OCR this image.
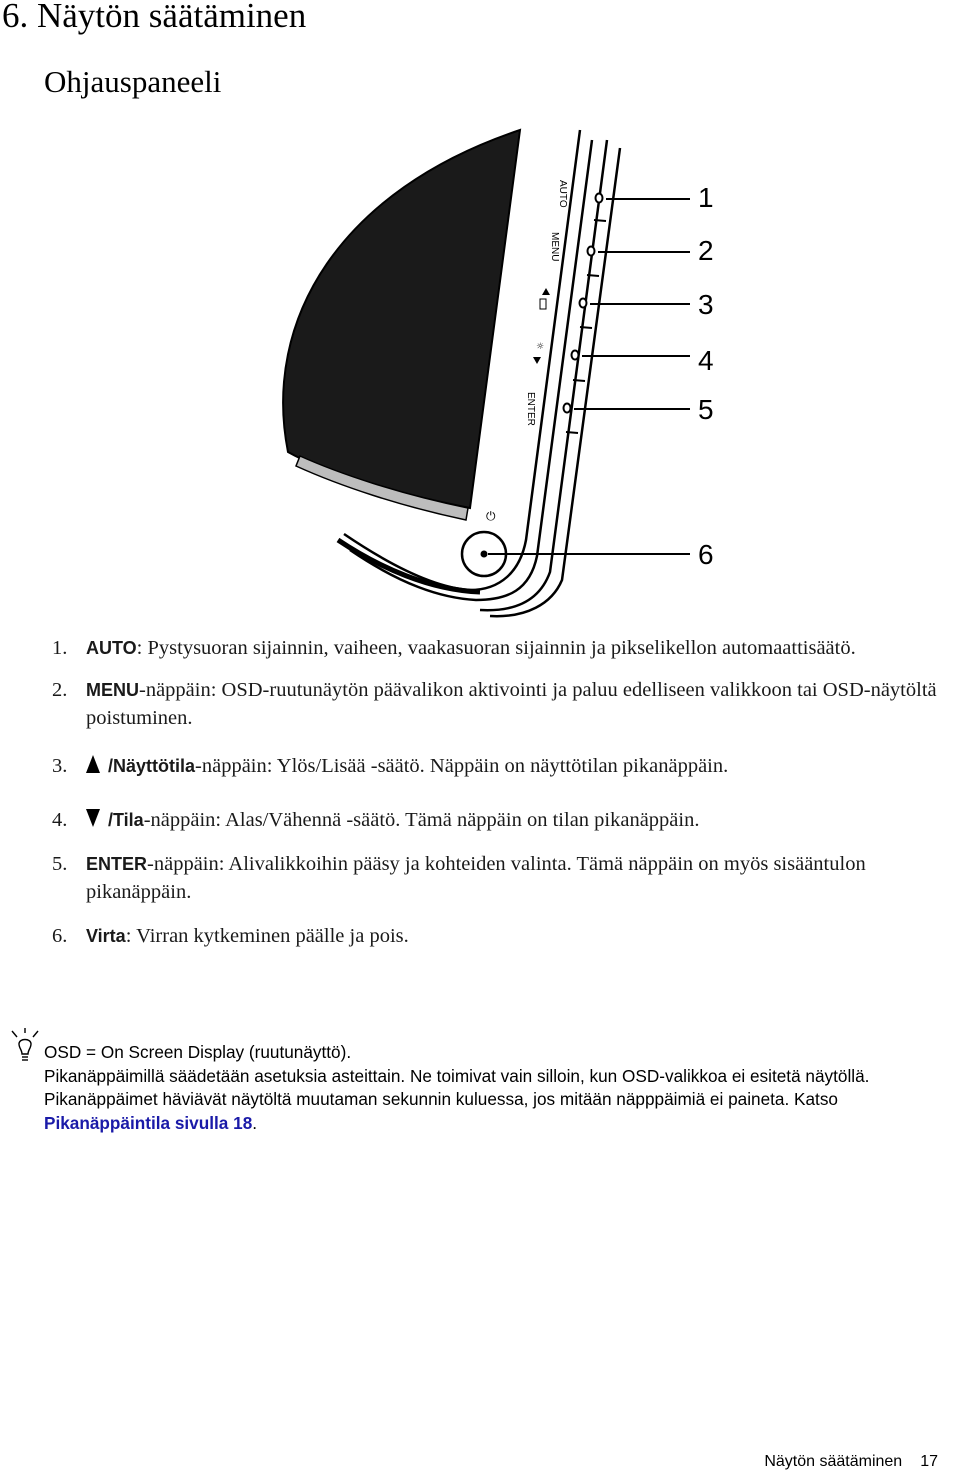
6. Näytön säätäminen
Ohjauspaneeli
AUTO
MENU
☼
ENTER
⏻
1
2
3
4
5
6
1. AUTO: Pystysuoran sijainnin, vaiheen, vaakasuoran sijainnin ja pikselikellon automaattisäätö.
2. MENU-näppäin: OSD-ruutunäytön päävalikon aktivointi ja paluu edelliseen valikkoon tai OSD-näytöltä poistuminen.
3. /Näyttötila-näppäin: Ylös/Lisää -säätö. Näppäin on näyttötilan pikanäppäin.
4. /Tila-näppäin: Alas/Vähennä -säätö. Tämä näppäin on tilan pikanäppäin.
5. ENTER-näppäin: Alivalikkoihin pääsy ja kohteiden valinta. Tämä näppäin on myös sisääntulon pikanäppäin.
6. Virta: Virran kytkeminen päälle ja pois.

OSD = On Screen Display (ruutunäyttö).

Pikanäppäimillä säädetään asetuksia asteittain. Ne toimivat vain silloin, kun OSD-valikkoa ei esitetä näytöllä. Pikanäppäimet häviävät näytöltä muutaman sekunnin kuluessa, jos mitään näpppäimiä ei paineta. Katso Pikanäppäintila sivulla 18.

Näytön säätäminen 17
